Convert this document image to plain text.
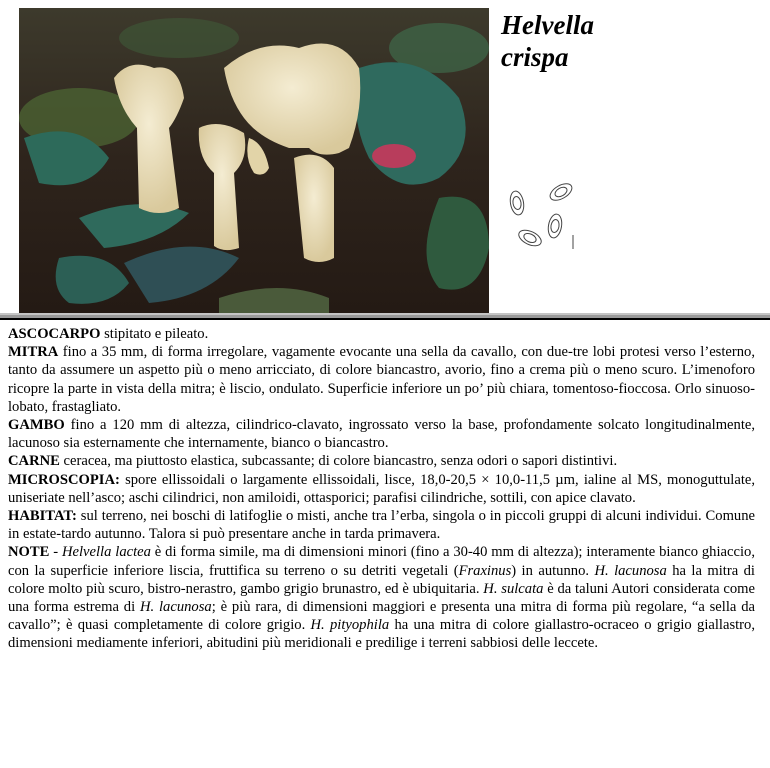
Helvella
crispa

ASCOCARPO stipitato e pileato.

MITRA fino a 35 mm, di forma irregolare, vagamente evocante una sella da cavallo, con due-tre lobi protesi verso l’esterno, tanto da assumere un aspetto più o meno arricciato, di colore biancastro, avorio, fino a crema più o meno scuro. L’imenoforo ricopre la parte in vista della mitra; è liscio, ondulato. Superficie inferiore un po’ più chiara, tomentoso-fioccosa. Orlo sinuoso-lobato, frastagliato.

GAMBO fino a 120 mm di altezza, cilindrico-clavato, ingrossato verso la base, profondamente solcato longitudinalmente, lacunoso sia esternamente che internamente, bianco o biancastro.

CARNE ceracea, ma piuttosto elastica, subcassante; di colore biancastro, senza odori o sapori distintivi.

MICROSCOPIA: spore ellissoidali o largamente ellissoidali, lisce, 18,0-20,5 × 10,0-11,5 µm, ialine al MS, monoguttulate, uniseriate nell’asco; aschi cilindrici, non amiloidi, ottasporici; parafisi cilindriche, sottili, con apice clavato.

HABITAT: sul terreno, nei boschi di latifoglie o misti, anche tra l’erba, singola o in piccoli gruppi di alcuni individui. Comune in estate-tardo autunno. Talora si può presentare anche in tarda primavera.

NOTE - Helvella lactea è di forma simile, ma di dimensioni minori (fino a 30-40 mm di altezza); interamente bianco ghiaccio, con la superficie inferiore liscia, fruttifica su terreno o su detriti vegetali (Fraxinus) in autunno. H. lacunosa ha la mitra di colore molto più scuro, bistro-nerastro, gambo grigio brunastro, ed è ubiquitaria. H. sulcata è da taluni Autori considerata come una forma estrema di H. lacunosa; è più rara, di dimensioni maggiori e presenta una mitra di forma più regolare, “a sella da cavallo”; è quasi completamente di colore grigio. H. pityophila ha una mitra di colore giallastro-ocraceo o grigio giallastro, dimensioni mediamente inferiori, abitudini più meridionali e predilige i terreni sabbiosi delle leccete.
